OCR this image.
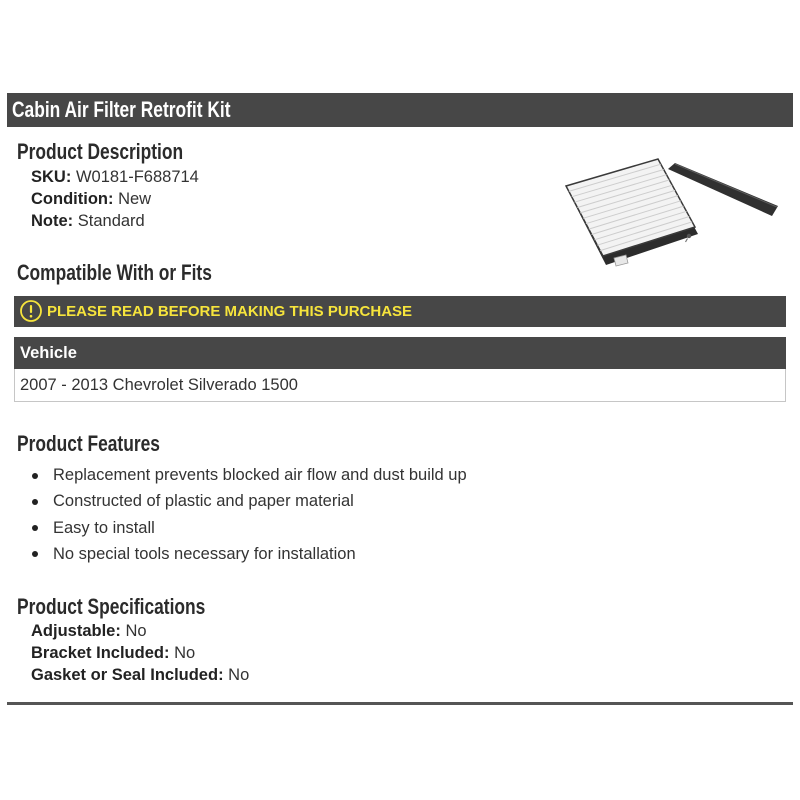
Cabin Air Filter Retrofit Kit
Product Description
SKU: W0181-F688714
Condition: New
Note: Standard
Compatible With or Fits
PLEASE READ BEFORE MAKING THIS PURCHASE
Vehicle
2007 - 2013 Chevrolet Silverado 1500
Product Features
Replacement prevents blocked air flow and dust build up
Constructed of plastic and paper material
Easy to install
No special tools necessary for installation
Product Specifications
Adjustable: No
Bracket Included: No
Gasket or Seal Included: No
